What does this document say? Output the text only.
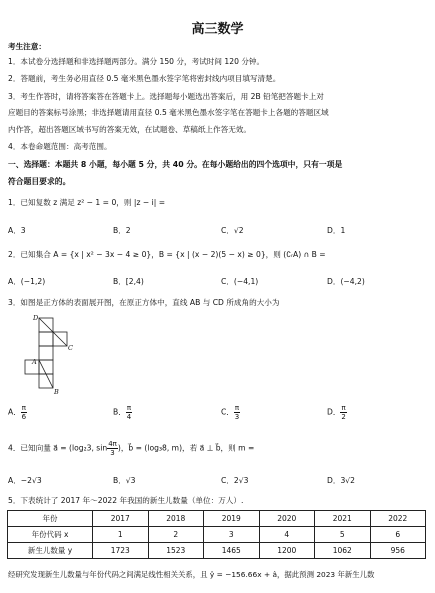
高三数学
考生注意：
1．本试卷分选择题和非选择题两部分。满分 150 分，考试时间 120 分钟。
2．答题前，考生务必用直径 0.5 毫米黑色墨水签字笔将密封线内项目填写清楚。
3．考生作答时，请将答案答在答题卡上。选择题每小题选出答案后，用 2B 铅笔把答题卡上对
应题目的答案标号涂黑；非选择题请用直径 0.5 毫米黑色墨水签字笔在答题卡上各题的答题区域
内作答，超出答题区域书写的答案无效，在试题卷、草稿纸上作答无效。
4．本卷命题范围：高考范围。
一、选择题：本题共 8 小题，每小题 5 分，共 40 分。在每小题给出的四个选项中，只有一项是
符合题目要求的。
1．已知复数 z 满足 z² − 1 = 0，则 |z − i| =
A．3	B．2	C．√2	D．1
2．已知集合 A = {x | x² − 3x − 4 ≥ 0}，B = {x | (x − 2)(5 − x) ≥ 0}，则 (∁ᵣA) ∩ B =
A．(−1,2)	B．[2,4)	C．(−4,1)	D．(−4,2)
3．如图是正方体的表面展开图，在原正方体中，直线 AB 与 CD 所成角的大小为
D
C
A
B
A． $\frac{\pi}{6}$	B． $\frac{\pi}{4}$	C． $\frac{\pi}{3}$	D． $\frac{\pi}{2}$
4．已知向量 a⃗ = (log₂3, $\sin \frac{4\pi}{3}$ )，b⃗ = (log₃8, m)，若 a⃗ ⊥ b⃗，则 m =
A．−2√3	B．√3	C．2√3	D．3√2
5．下表统计了 2017 年～2022 年我国的新生儿数量（单位：万人）.
年份	2017	2018	2019	2020	2021	2022
年份代码 x	1	2	3	4	5	6
新生儿数量 y	1723	1523	1465	1200	1062	956
经研究发现新生儿数量与年份代码之间满足线性相关关系，且 ŷ = −156.66x + â，据此预测 2023 年新生儿数
